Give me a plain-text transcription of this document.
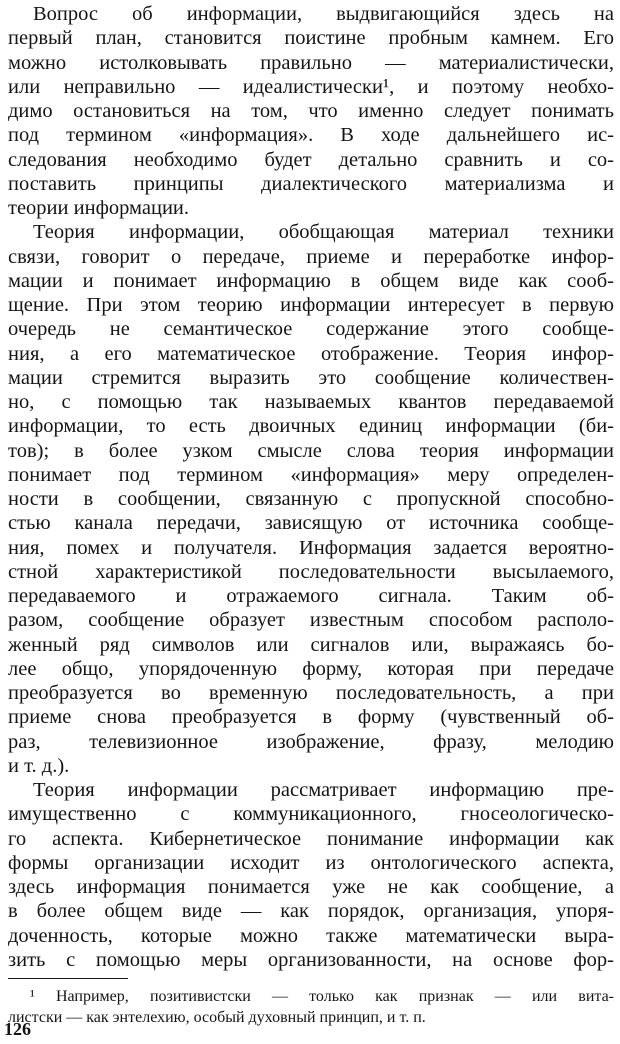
Вопрос об информации, выдвигающийся здесь на
первый план, становится поистине пробным камнем. Его
можно истолковывать правильно — материалистически,
или неправильно — идеалистически¹, и поэтому необхо-
димо остановиться на том, что именно следует понимать
под термином «информация». В ходе дальнейшего ис-
следования необходимо будет детально сравнить и со-
поставить принципы диалектического материализма и
теории информации.
Теория информации, обобщающая материал техники
связи, говорит о передаче, приеме и переработке инфор-
мации и понимает информацию в общем виде как сооб-
щение. При этом теорию информации интересует в первую
очередь не семантическое содержание этого сообще-
ния, а его математическое отображение. Теория инфор-
мации стремится выразить это сообщение количествен-
но, с помощью так называемых квантов передаваемой
информации, то есть двоичных единиц информации (би-
тов); в более узком смысле слова теория информации
понимает под термином «информация» меру определен-
ности в сообщении, связанную с пропускной способно-
стью канала передачи, зависящую от источника сообще-
ния, помех и получателя. Информация задается вероятно-
стной характеристикой последовательности высылаемого,
передаваемого и отражаемого сигнала. Таким об-
разом, сообщение образует известным способом располо-
женный ряд символов или сигналов или, выражаясь бо-
лее общо, упорядоченную форму, которая при передаче
преобразуется во временную последовательность, а при
приеме снова преобразуется в форму (чувственный об-
раз, телевизионное изображение, фразу, мелодию
и т. д.).
Теория информации рассматривает информацию пре-
имущественно с коммуникационного, гносеологическо-
го аспекта. Кибернетическое понимание информации как
формы организации исходит из онтологического аспекта,
здесь информация понимается уже не как сообщение, а
в более общем виде — как порядок, организация, упоря-
доченность, которые можно также математически выра-
зить с помощью меры организованности, на основе фор-
¹ Например, позитивистски — только как признак — или вита-
листски — как энтелехию, особый духовный принцип, и т. п.
126
